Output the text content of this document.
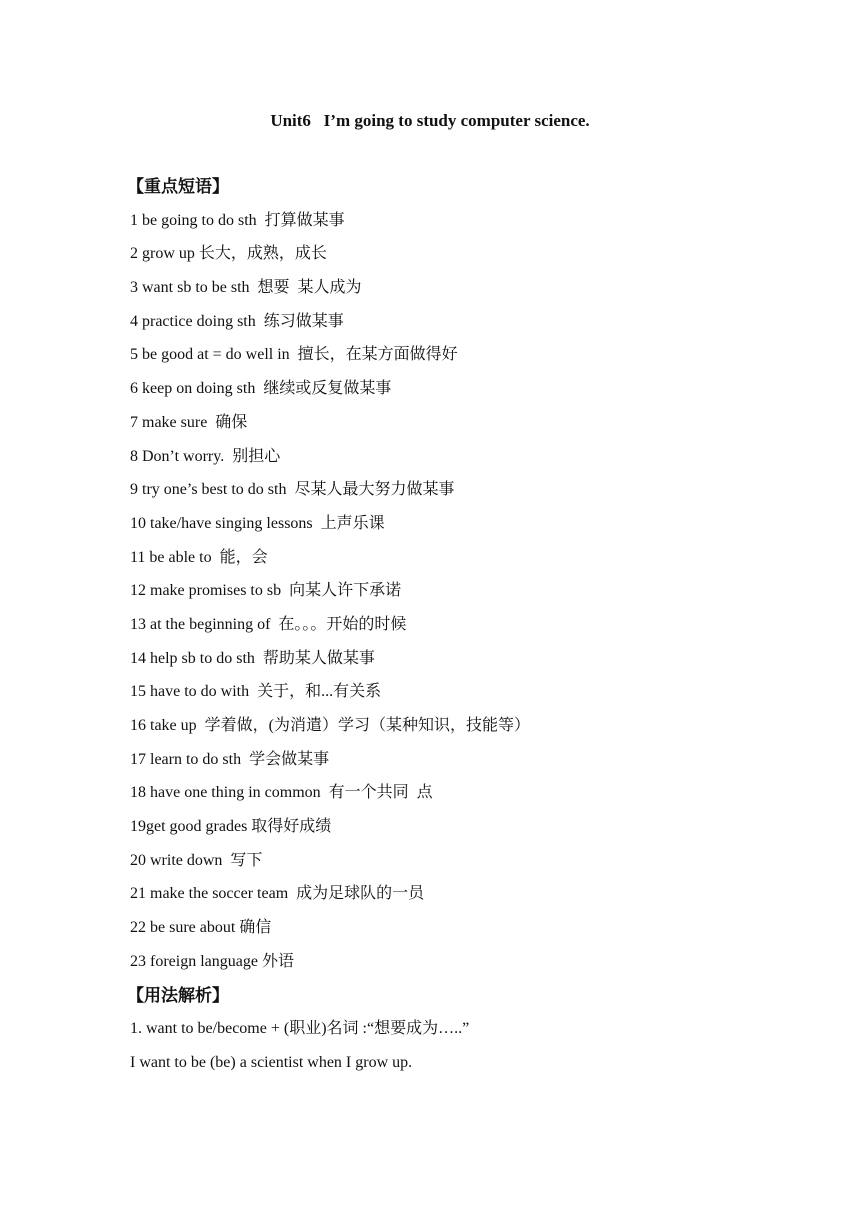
Unit6   I’m going to study computer science.
【重点短语】
1 be going to do sth  打算做某事
2 grow up 长大，成熟，成长
3 want sb to be sth  想要  某人成为
4 practice doing sth  练习做某事
5 be good at = do well in  擅长，在某方面做得好
6 keep on doing sth  继续或反复做某事
7 make sure  确保
8 Don’t worry.  别担心
9 try one’s best to do sth  尽某人最大努力做某事
10 take/have singing lessons  上声乐课
11 be able to  能，会
12 make promises to sb  向某人许下承诺
13 at the beginning of  在。。。开始的时候
14 help sb to do sth  帮助某人做某事
15 have to do with  关于，和...有关系
16 take up  学着做，(为消遣）学习（某种知识，技能等）
17 learn to do sth  学会做某事
18 have one thing in common  有一个共同  点
19get good grades 取得好成绩
20 write down  写下
21 make the soccer team  成为足球队的一员
22 be sure about 确信
23 foreign language 外语
【用法解析】
1. want to be/become + (职业)名词 :“想要成为…..”
I want to be (be) a scientist when I grow up.
